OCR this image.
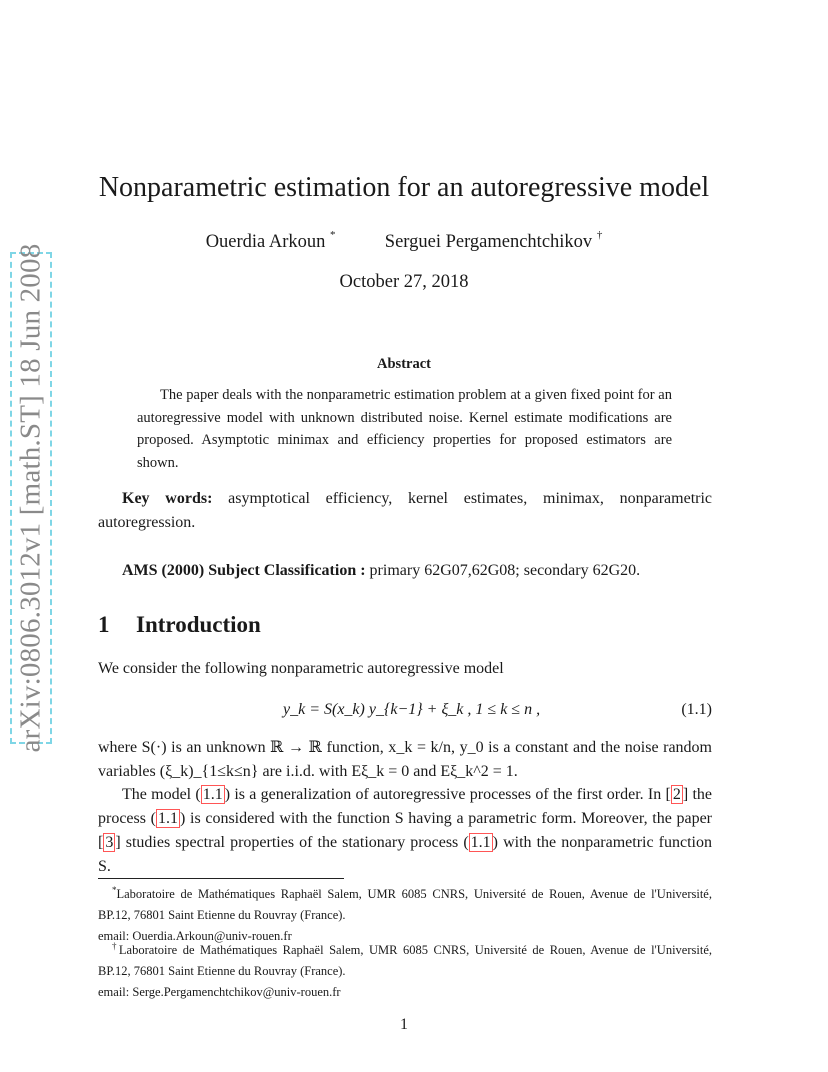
arXiv:0806.3012v1 [math.ST] 18 Jun 2008
Nonparametric estimation for an autoregressive model
Ouerdia Arkoun *	Serguei Pergamenchtchikov †
October 27, 2018
Abstract
The paper deals with the nonparametric estimation problem at a given fixed point for an autoregressive model with unknown distributed noise. Kernel estimate modifications are proposed. Asymptotic minimax and efficiency properties for proposed estimators are shown.
Key words: asymptotical efficiency, kernel estimates, minimax, nonparametric autoregression.
AMS (2000) Subject Classification : primary 62G07,62G08; secondary 62G20.
1 Introduction
We consider the following nonparametric autoregressive model
y_k = S(x_k) y_{k−1} + ξ_k , 1 ≤ k ≤ n ,	(1.1)
where S(·) is an unknown ℝ → ℝ function, x_k = k/n, y_0 is a constant and the noise random variables (ξ_k)_{1≤k≤n} are i.i.d. with Eξ_k = 0 and Eξ_k^2 = 1.
The model ( 1.1 ) is a generalization of autoregressive processes of the first order. In [ 2 ] the process ( 1.1 ) is considered with the function S having a parametric form. Moreover, the paper [ 3 ] studies spectral properties of the stationary process ( 1.1 ) with the nonparametric function S.
*Laboratoire de Mathématiques Raphaël Salem, UMR 6085 CNRS, Université de Rouen, Avenue de l'Université, BP.12, 76801 Saint Etienne du Rouvray (France).
email: Ouerdia.Arkoun@univ-rouen.fr
†Laboratoire de Mathématiques Raphaël Salem, UMR 6085 CNRS, Université de Rouen, Avenue de l'Université, BP.12, 76801 Saint Etienne du Rouvray (France).
email: Serge.Pergamenchtchikov@univ-rouen.fr
1
